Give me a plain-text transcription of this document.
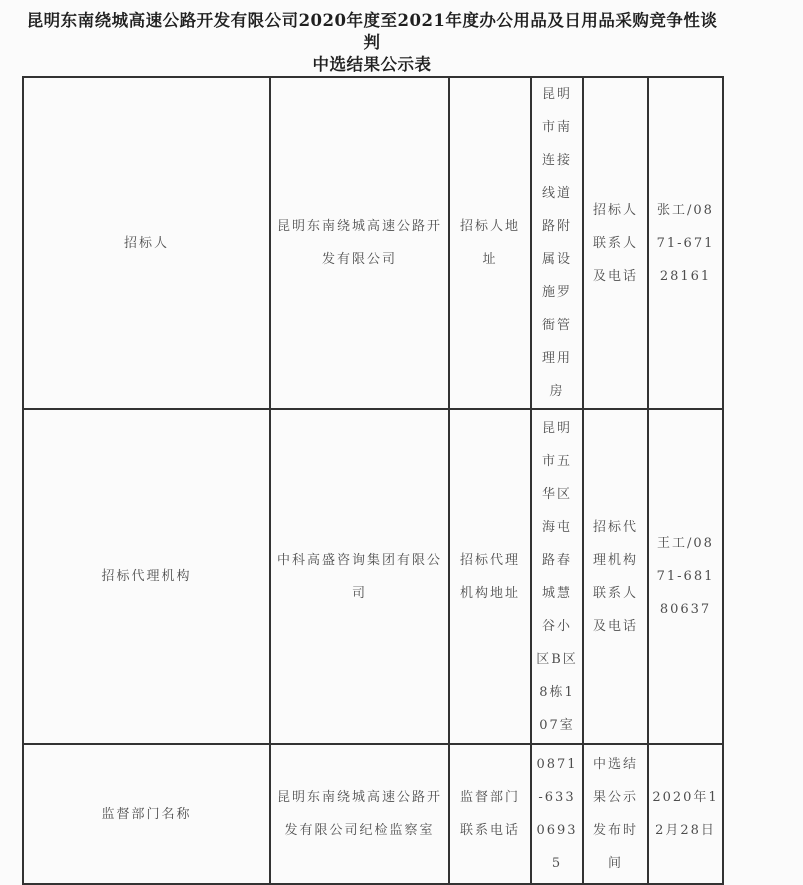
昆明东南绕城高速公路开发有限公司2020年度至2021年度办公用品及日用品采购竞争性谈判
中选结果公示表
招标人	昆明东南绕城高速公路开发有限公司	招标人地址	昆明市南连接线道路附属设施罗衙管理用房	招标人联系人及电话	张工/0871-67128161
招标代理机构	中科高盛咨询集团有限公司	招标代理机构地址	昆明市五华区海屯路春城慧谷小区B区8栋107室	招标代理机构联系人及电话	王工/0871-68180637
监督部门名称	昆明东南绕城高速公路开发有限公司纪检监察室	监督部门联系电话	0871-63306935	中选结果公示发布时间	2020年12月28日
